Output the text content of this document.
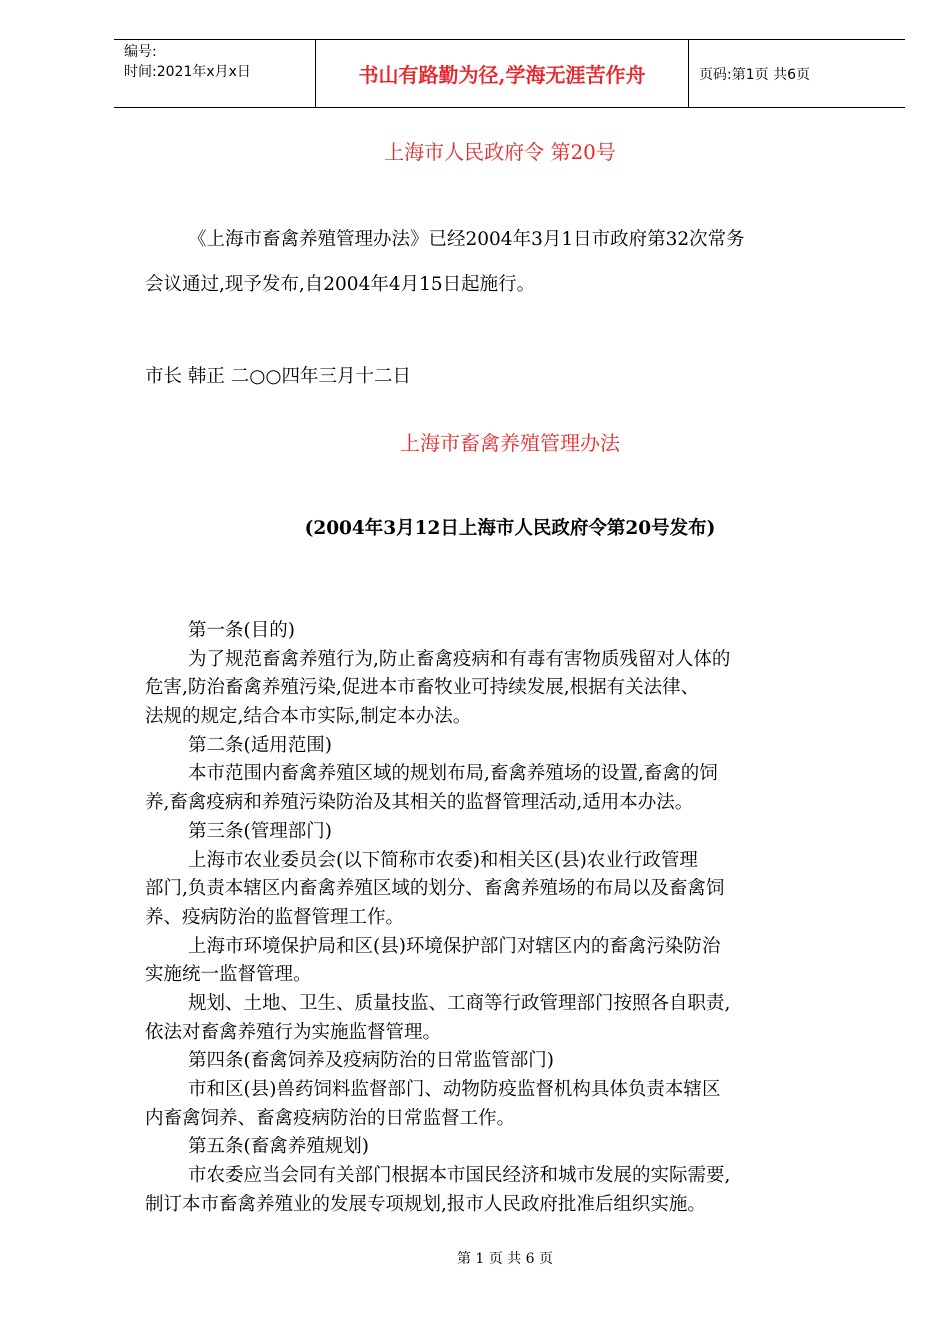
编号:
时间:2021年x月x日	书山有路勤为径,学海无涯苦作舟	页码:第1页 共6页
上海市人民政府令 第20号
《上海市畜禽养殖管理办法》已经2004年3月1日市政府第32次常务
会议通过,现予发布,自2004年4月15日起施行。
市长 韩正 二○○四年三月十二日
上海市畜禽养殖管理办法
(2004年3月12日上海市人民政府令第20号发布)
第一条(目的)
为了规范畜禽养殖行为,防止畜禽疫病和有毒有害物质残留对人体的
危害,防治畜禽养殖污染,促进本市畜牧业可持续发展,根据有关法律、
法规的规定,结合本市实际,制定本办法。
第二条(适用范围)
本市范围内畜禽养殖区域的规划布局,畜禽养殖场的设置,畜禽的饲
养,畜禽疫病和养殖污染防治及其相关的监督管理活动,适用本办法。
第三条(管理部门)
上海市农业委员会(以下简称市农委)和相关区(县)农业行政管理
部门,负责本辖区内畜禽养殖区域的划分、畜禽养殖场的布局以及畜禽饲
养、疫病防治的监督管理工作。
上海市环境保护局和区(县)环境保护部门对辖区内的畜禽污染防治
实施统一监督管理。
规划、土地、卫生、质量技监、工商等行政管理部门按照各自职责,
依法对畜禽养殖行为实施监督管理。
第四条(畜禽饲养及疫病防治的日常监管部门)
市和区(县)兽药饲料监督部门、动物防疫监督机构具体负责本辖区
内畜禽饲养、畜禽疫病防治的日常监督工作。
第五条(畜禽养殖规划)
市农委应当会同有关部门根据本市国民经济和城市发展的实际需要,
制订本市畜禽养殖业的发展专项规划,报市人民政府批准后组织实施。
第 1 页 共 6 页
